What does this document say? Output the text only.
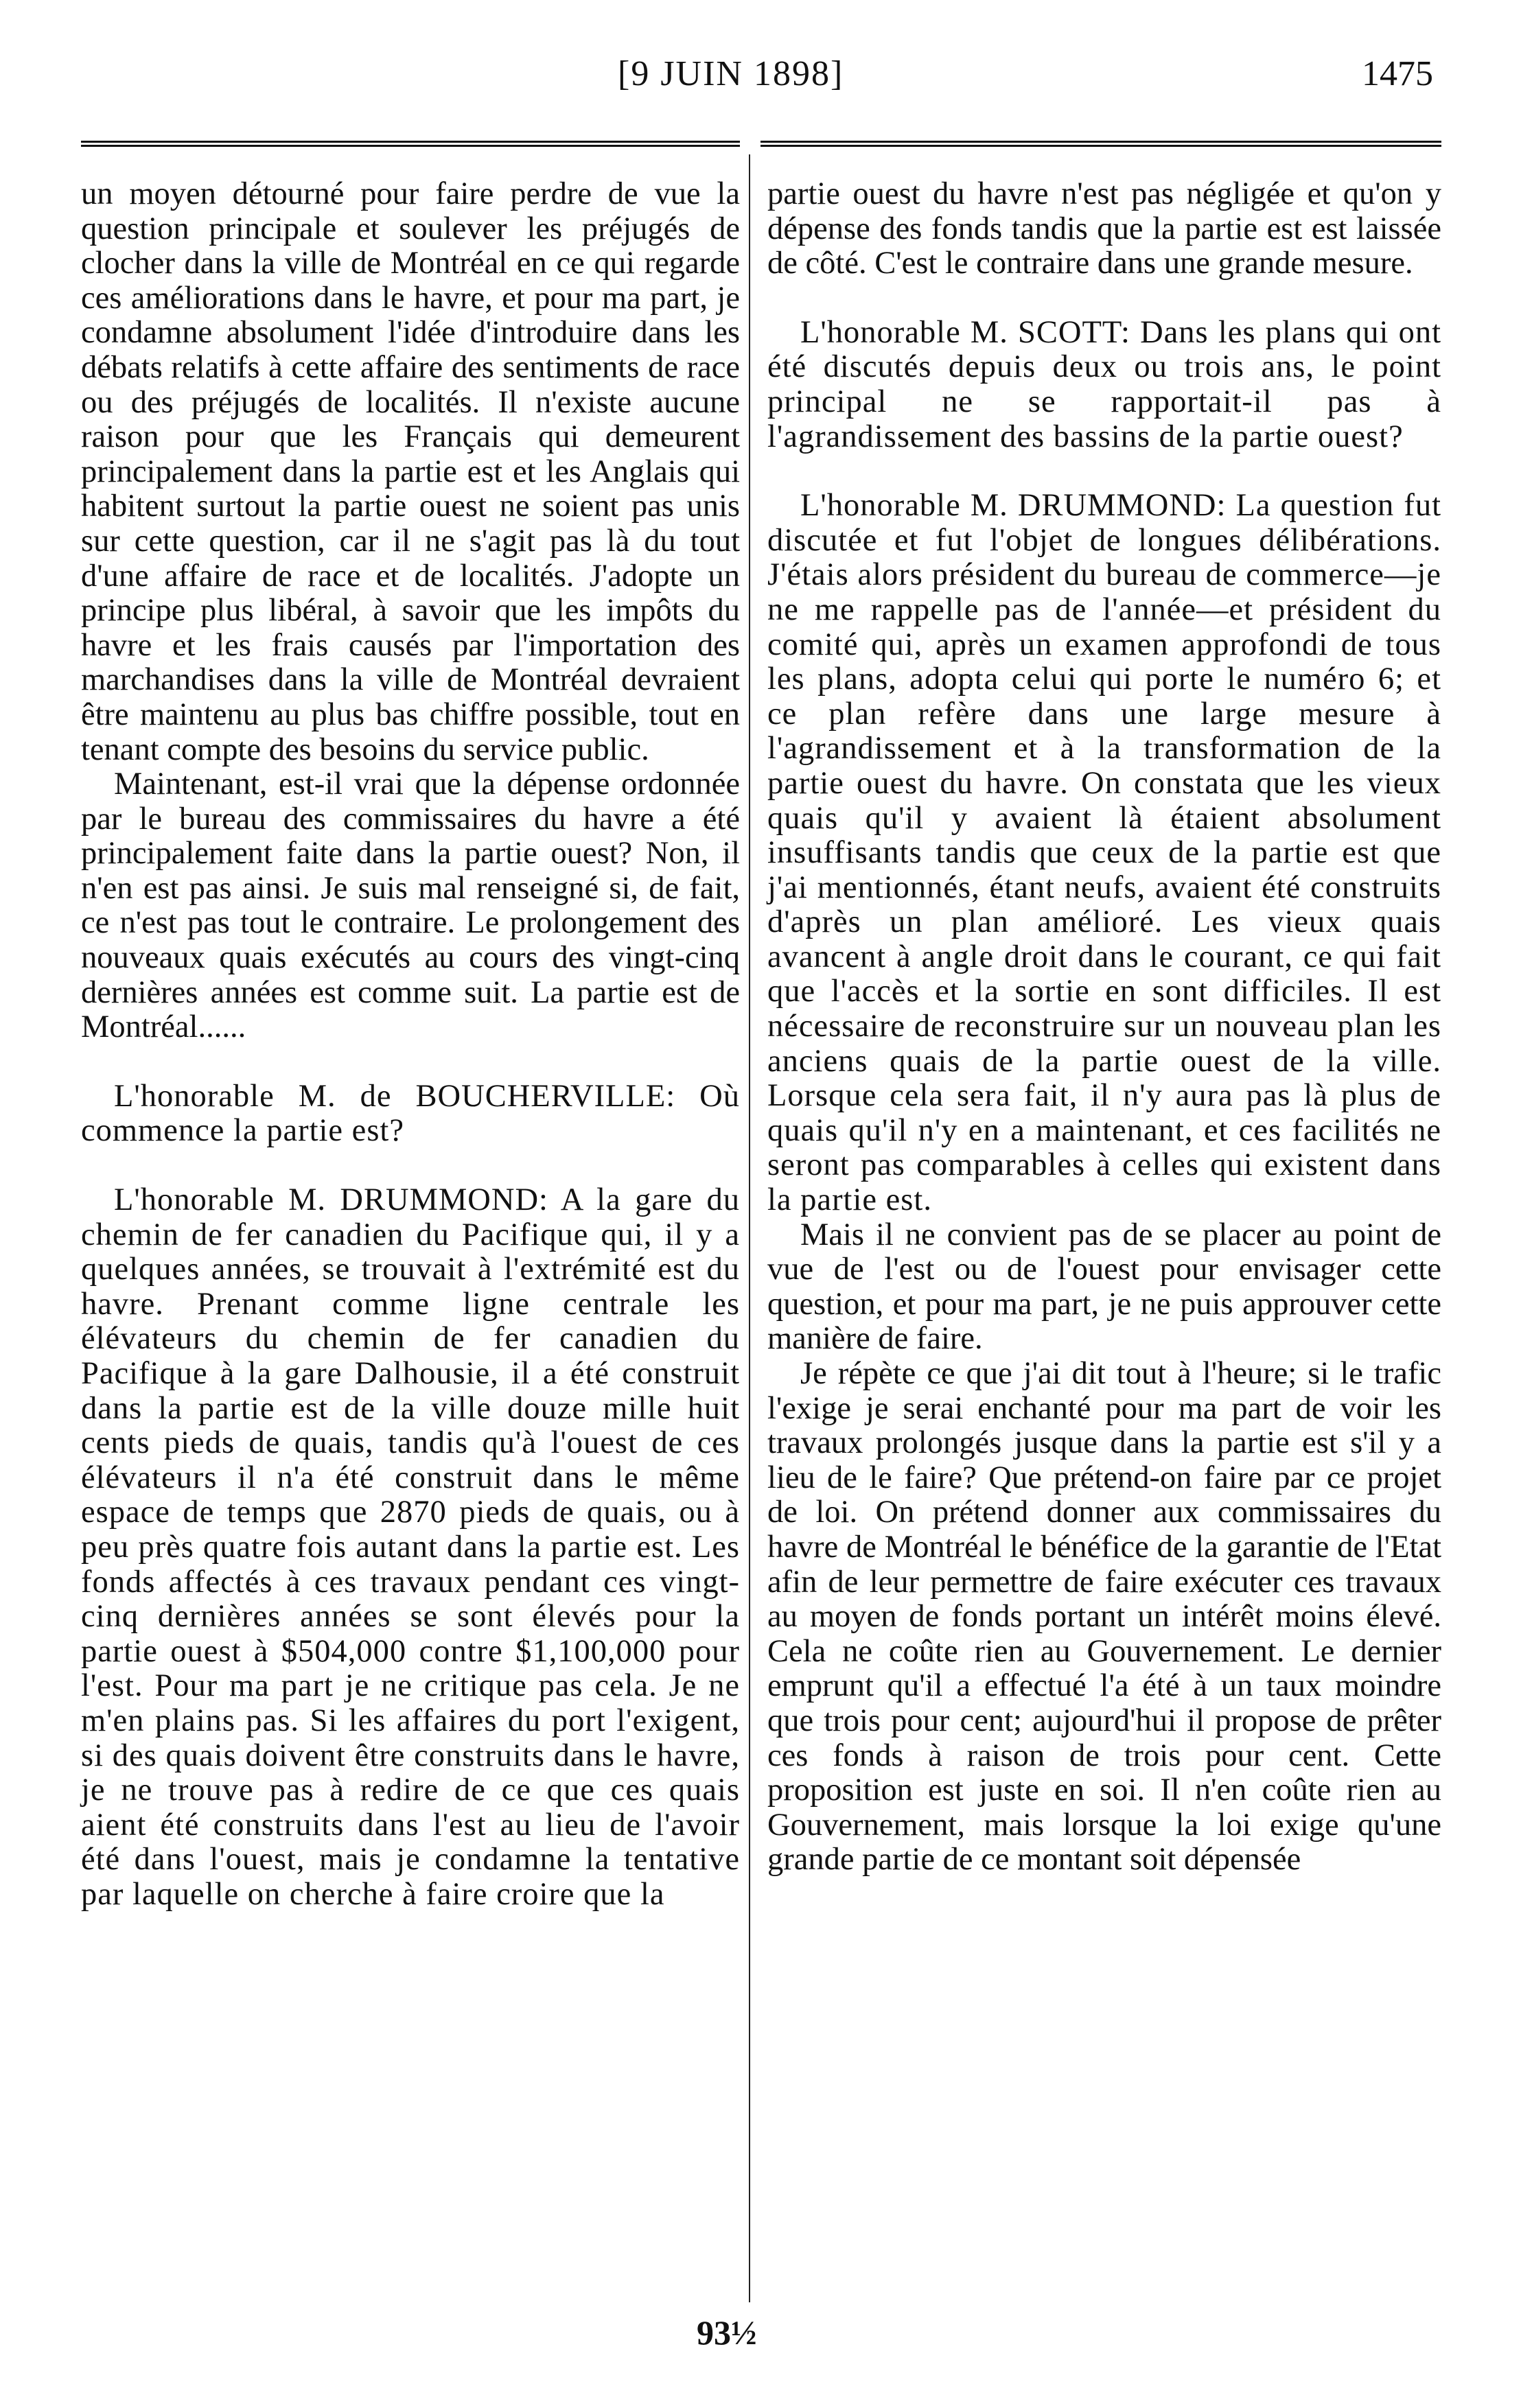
[9 JUIN 1898]	1475

un moyen détourné pour faire perdre de vue la question principale et soulever les préjugés de clocher dans la ville de Montréal en ce qui regarde ces améliorations dans le havre, et pour ma part, je condamne absolument l'idée d'introduire dans les débats relatifs à cette affaire des sentiments de race ou des préjugés de localités. Il n'existe aucune raison pour que les Français qui demeurent principalement dans la partie est et les Anglais qui habitent surtout la partie ouest ne soient pas unis sur cette question, car il ne s'agit pas là du tout d'une affaire de race et de localités. J'adopte un principe plus libéral, à savoir que les impôts du havre et les frais causés par l'importation des marchandises dans la ville de Montréal devraient être maintenu au plus bas chiffre possible, tout en tenant compte des besoins du service public.

Maintenant, est-il vrai que la dépense ordonnée par le bureau des commissaires du havre a été principalement faite dans la partie ouest? Non, il n'en est pas ainsi. Je suis mal renseigné si, de fait, ce n'est pas tout le contraire. Le prolongement des nouveaux quais exécutés au cours des vingt-cinq dernières années est comme suit. La partie est de Montréal......

L'honorable M. de BOUCHERVILLE: Où commence la partie est?

L'honorable M. DRUMMOND: A la gare du chemin de fer canadien du Pacifique qui, il y a quelques années, se trouvait à l'extrémité est du havre. Prenant comme ligne centrale les élévateurs du chemin de fer canadien du Pacifique à la gare Dalhousie, il a été construit dans la partie est de la ville douze mille huit cents pieds de quais, tandis qu'à l'ouest de ces élévateurs il n'a été construit dans le même espace de temps que 2870 pieds de quais, ou à peu près quatre fois autant dans la partie est. Les fonds affectés à ces travaux pendant ces vingt-cinq dernières années se sont élevés pour la partie ouest à $504,000 contre $1,100,000 pour l'est. Pour ma part je ne critique pas cela. Je ne m'en plains pas. Si les affaires du port l'exigent, si des quais doivent être construits dans le havre, je ne trouve pas à redire de ce que ces quais aient été construits dans l'est au lieu de l'avoir été dans l'ouest, mais je condamne la tentative par laquelle on cherche à faire croire que la

partie ouest du havre n'est pas négligée et qu'on y dépense des fonds tandis que la partie est est laissée de côté. C'est le contraire dans une grande mesure.

L'honorable M. SCOTT: Dans les plans qui ont été discutés depuis deux ou trois ans, le point principal ne se rapportait-il pas à l'agrandissement des bassins de la partie ouest?

L'honorable M. DRUMMOND: La question fut discutée et fut l'objet de longues délibérations. J'étais alors président du bureau de commerce—je ne me rappelle pas de l'année—et président du comité qui, après un examen approfondi de tous les plans, adopta celui qui porte le numéro 6; et ce plan refère dans une large mesure à l'agrandissement et à la transformation de la partie ouest du havre. On constata que les vieux quais qu'il y avaient là étaient absolument insuffisants tandis que ceux de la partie est que j'ai mentionnés, étant neufs, avaient été construits d'après un plan amélioré. Les vieux quais avancent à angle droit dans le courant, ce qui fait que l'accès et la sortie en sont difficiles. Il est nécessaire de reconstruire sur un nouveau plan les anciens quais de la partie ouest de la ville. Lorsque cela sera fait, il n'y aura pas là plus de quais qu'il n'y en a maintenant, et ces facilités ne seront pas comparables à celles qui existent dans la partie est.

Mais il ne convient pas de se placer au point de vue de l'est ou de l'ouest pour envisager cette question, et pour ma part, je ne puis approuver cette manière de faire.

Je répète ce que j'ai dit tout à l'heure; si le trafic l'exige je serai enchanté pour ma part de voir les travaux prolongés jusque dans la partie est s'il y a lieu de le faire? Que prétend-on faire par ce projet de loi. On prétend donner aux commissaires du havre de Montréal le bénéfice de la garantie de l'Etat afin de leur permettre de faire exécuter ces travaux au moyen de fonds portant un intérêt moins élevé. Cela ne coûte rien au Gouvernement. Le dernier emprunt qu'il a effectué l'a été à un taux moindre que trois pour cent; aujourd'hui il propose de prêter ces fonds à raison de trois pour cent. Cette proposition est juste en soi. Il n'en coûte rien au Gouvernement, mais lorsque la loi exige qu'une grande partie de ce montant soit dépensée

93½
